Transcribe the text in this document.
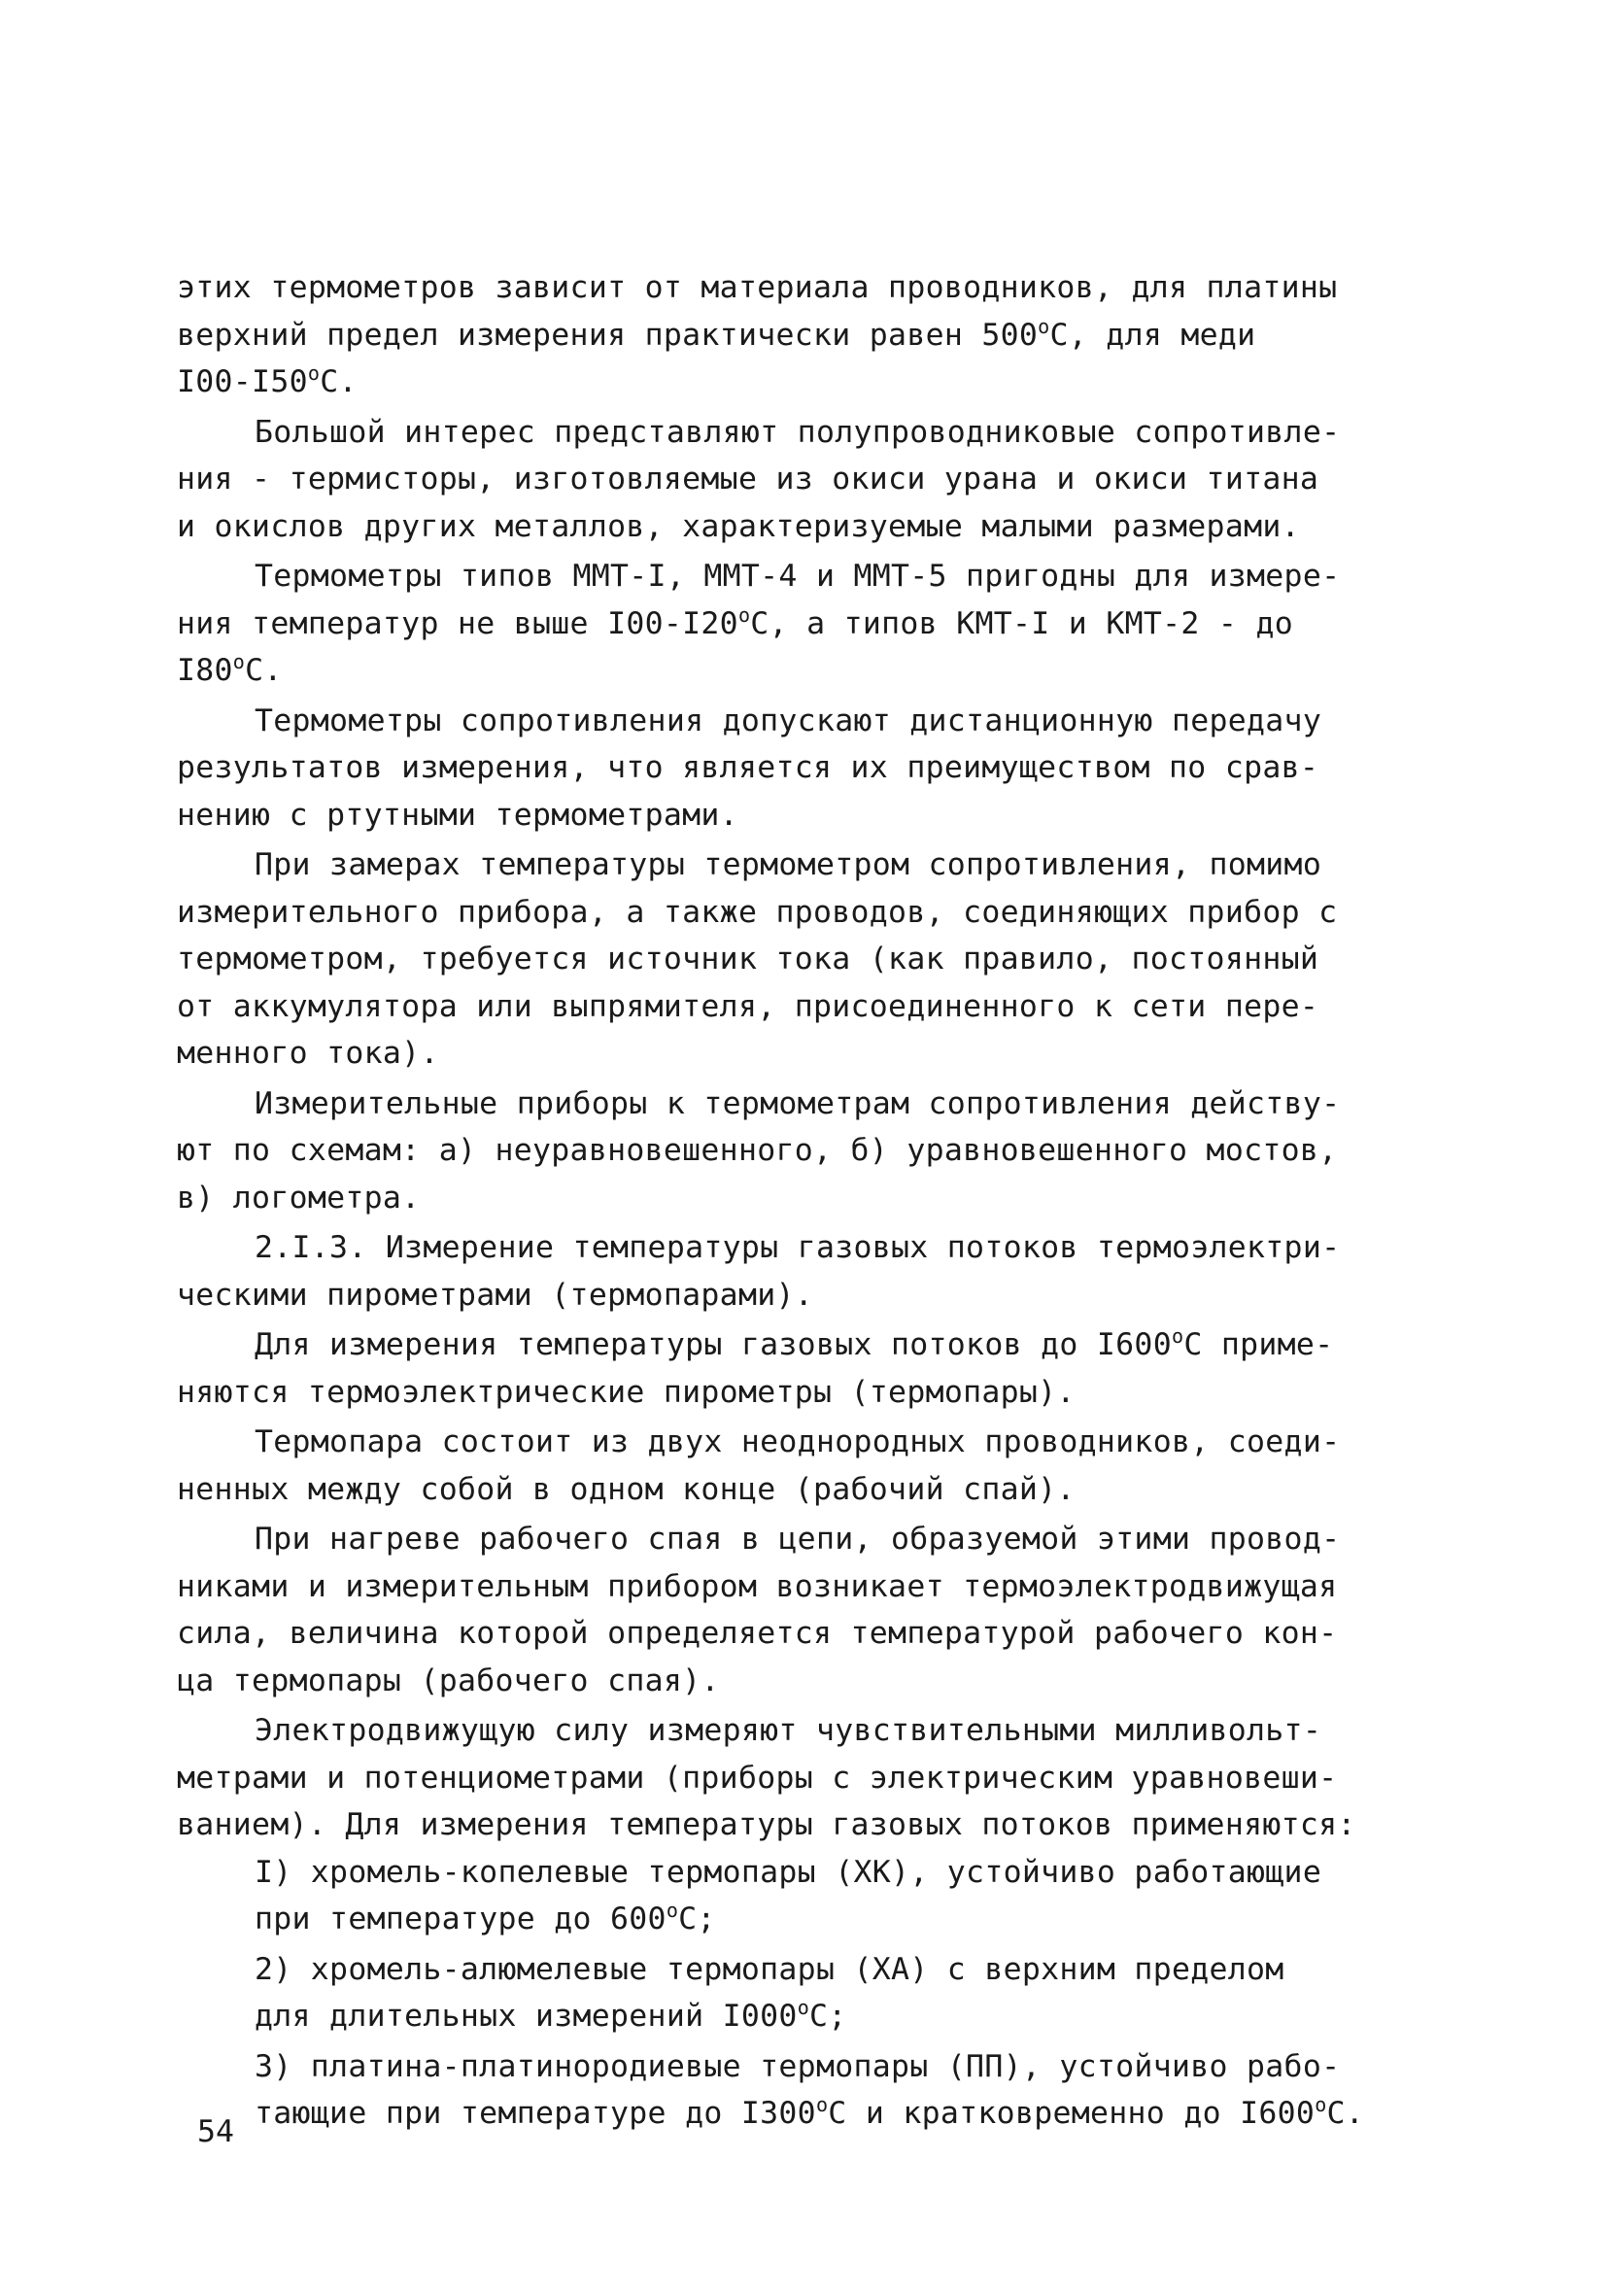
этих термометров зависит от материала проводников, для платины
верхний предел измерения практически равен 500$^o$С, для меди
I00-I50$^o$С.
Большой интерес представляют полупроводниковые сопротивле-
ния - термисторы, изготовляемые из окиси урана и окиси титана
и окислов других металлов, характеризуемые малыми размерами.
Термометры типов ММТ-I, ММТ-4 и ММТ-5 пригодны для измере-
ния температур не выше I00-I20$^o$С, а типов КМТ-I и КМТ-2 - до
I80$^o$С.
Термометры сопротивления допускают дистанционную передачу
результатов измерения, что является их преимуществом по срав-
нению с ртутными термометрами.
При замерах температуры термометром сопротивления, помимо
измерительного прибора, а также проводов, соединяющих прибор с
термометром, требуется источник тока (как правило, постоянный
от аккумулятора или выпрямителя, присоединенного к сети пере-
менного тока).
Измерительные приборы к термометрам сопротивления действу-
ют по схемам: а) неуравновешенного, б) уравновешенного мостов,
в) логометра.
2.I.3. Измерение температуры газовых потоков термоэлектри-
ческими пирометрами (термопарами).
Для измерения температуры газовых потоков до I600$^o$С приме-
няются термоэлектрические пирометры (термопары).
Термопара состоит из двух неоднородных проводников, соеди-
ненных между собой в одном конце (рабочий спай).
При нагреве рабочего спая в цепи, образуемой этими провод-
никами и измерительным прибором возникает термоэлектродвижущая
сила, величина которой определяется температурой рабочего кон-
ца термопары (рабочего спая).
Электродвижущую силу измеряют чувствительными милливольт-
метрами и потенциометрами (приборы с электрическим уравновеши-
ванием). Для измерения температуры газовых потоков применяются:
I) хромель-копелевые термопары (ХК), устойчиво работающие
при температуре до 600$^o$С;
2) хромель-алюмелевые термопары (ХА) с верхним пределом
для длительных измерений I000$^o$С;
3) платина-платинородиевые термопары (ПП), устойчиво рабо-
тающие при температуре до I300$^o$С и кратковременно до I600$^o$С.
54
